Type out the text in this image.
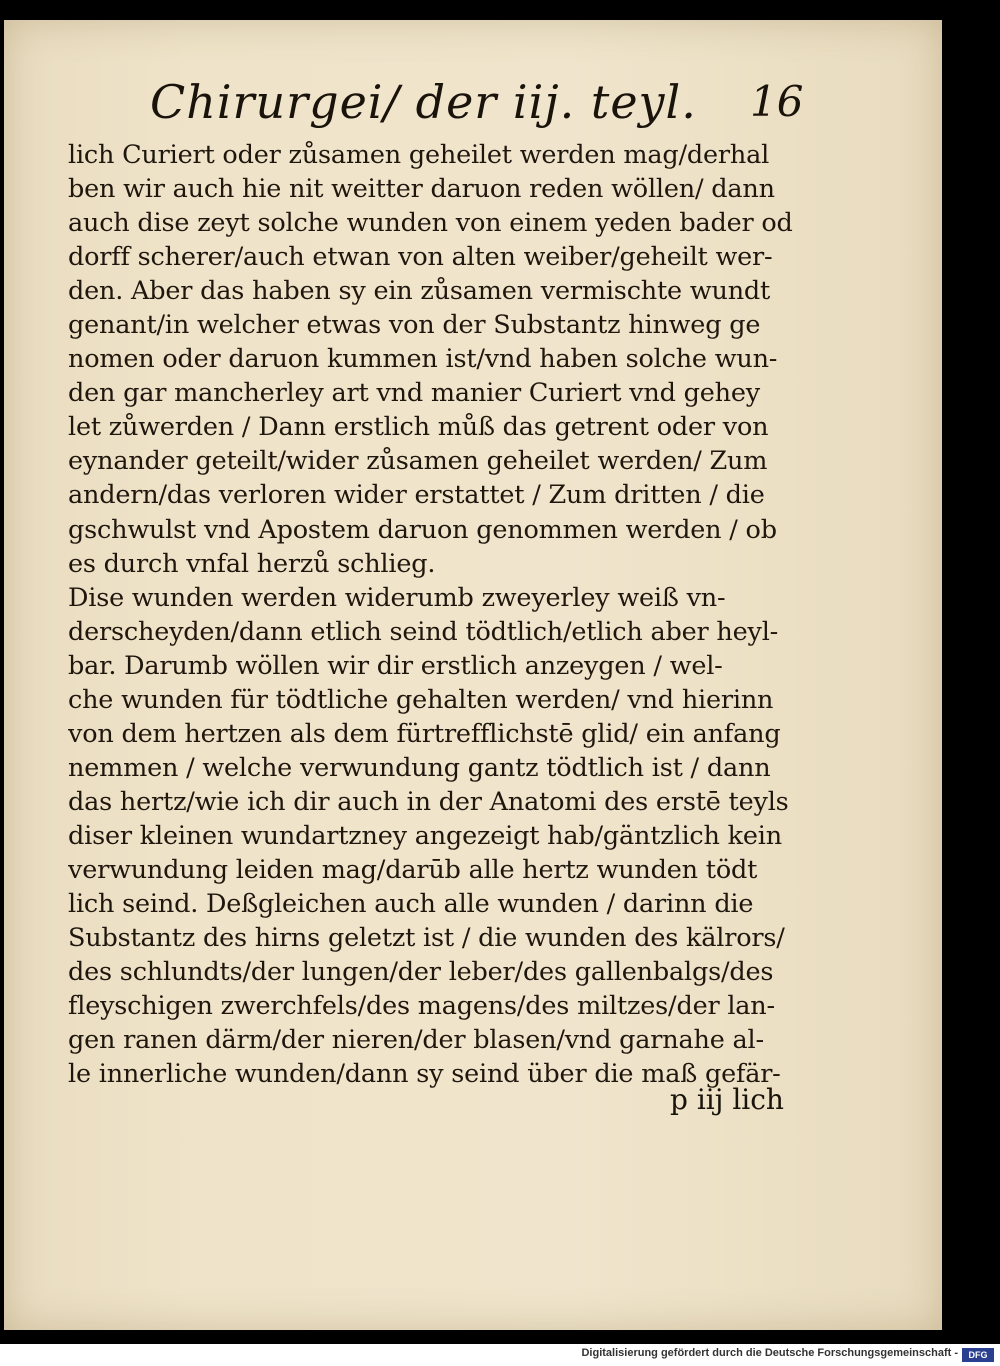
Chirurgei/ der iij. teyl. 16
lich Curiert oder zůsamen geheilet werden mag/derhal
ben wir auch hie nit weitter daruon reden wöllen/ dann
auch dise zeyt solche wunden von einem yeden bader od
dorff scherer/auch etwan von alten weiber/geheilt wer-
den. Aber das haben sy ein zůsamen vermischte wundt
genant/in welcher etwas von der Substantz hinweg ge
nomen oder daruon kummen ist/vnd haben solche wun-
den gar mancherley art vnd manier Curiert vnd gehey
let zůwerden / Dann erstlich můß das getrent oder von
eynander geteilt/wider zůsamen geheilet werden/ Zum
andern/das verloren wider erstattet / Zum dritten / die
gschwulst vnd Apostem daruon genommen werden / ob
es durch vnfal herzů schlieg.
Dise wunden werden widerumb zweyerley weiß vn-
derscheyden/dann etlich seind tödtlich/etlich aber heyl-
bar. Darumb wöllen wir dir erstlich anzeygen / wel-
che wunden für tödtliche gehalten werden/ vnd hierinn
von dem hertzen als dem fürtrefflichstē glid/ ein anfang
nemmen / welche verwundung gantz tödtlich ist / dann
das hertz/wie ich dir auch in der Anatomi des erstē teyls
diser kleinen wundartzney angezeigt hab/gäntzlich kein
verwundung leiden mag/darūb alle hertz wunden tödt
lich seind. Deßgleichen auch alle wunden / darinn die
Substantz des hirns geletzt ist / die wunden des kälrors/
des schlundts/der lungen/der leber/des gallenbalgs/des
fleyschigen zwerchfels/des magens/des miltzes/der lan-
gen ranen därm/der nieren/der blasen/vnd garnahe al-
le innerliche wunden/dann sy seind über die maß gefär-
p iij lich
Digitalisierung gefördert durch die Deutsche Forschungsgemeinschaft -	DFG
